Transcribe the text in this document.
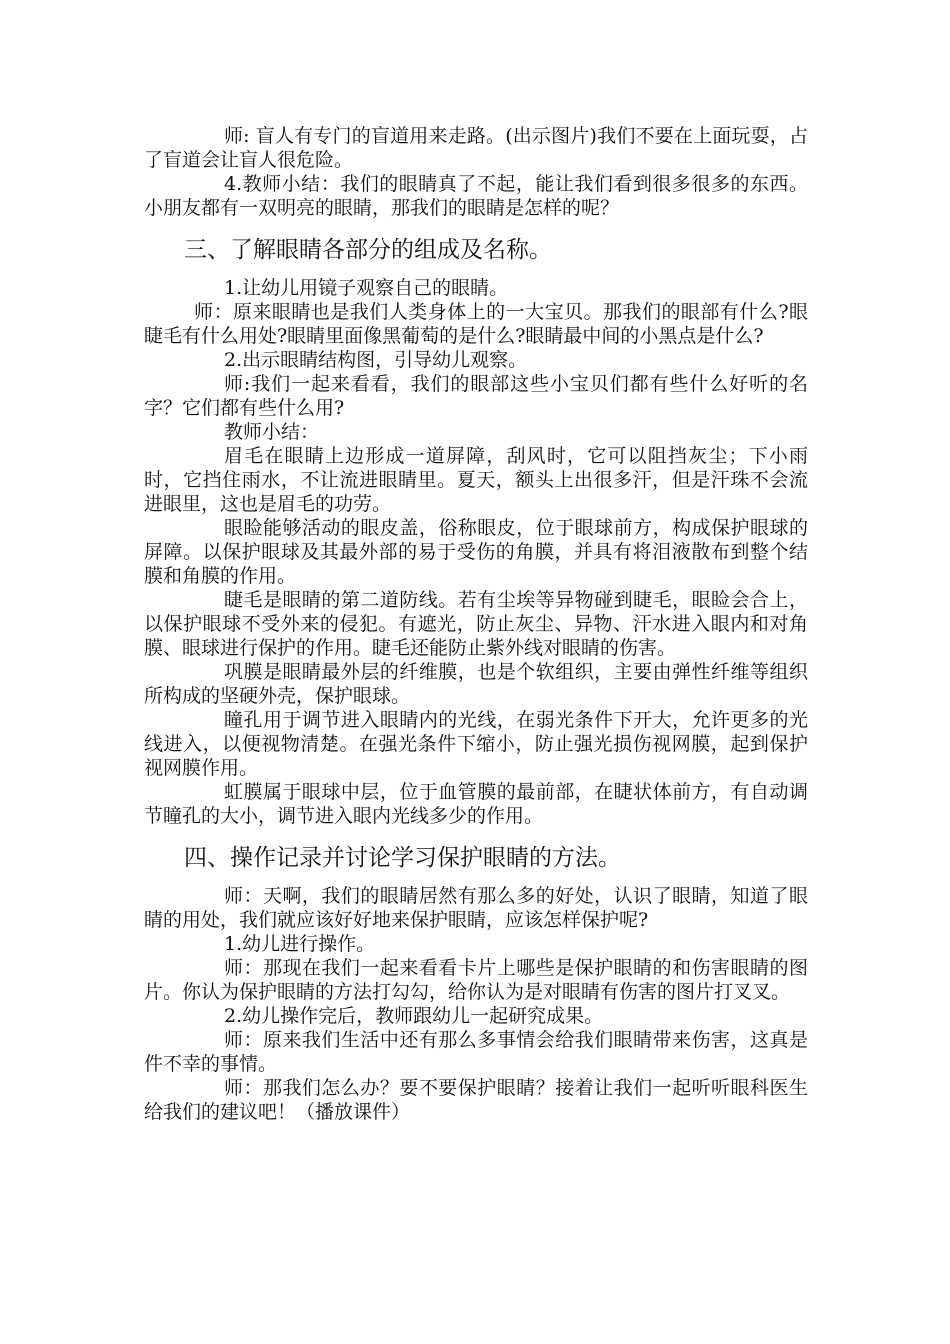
师: 盲人有专门的盲道用来走路。(出示图片)我们不要在上面玩耍，占了盲道会让盲人很危险。

4.教师小结：我们的眼睛真了不起，能让我们看到很多很多的东西。小朋友都有一双明亮的眼睛，那我们的眼睛是怎样的呢？

三、了解眼睛各部分的组成及名称。

1.让幼儿用镜子观察自己的眼睛。

师：原来眼睛也是我们人类身体上的一大宝贝。那我们的眼部有什么?眼睫毛有什么用处?眼睛里面像黑葡萄的是什么?眼睛最中间的小黑点是什么?

2.出示眼睛结构图，引导幼儿观察。

师:我们一起来看看，我们的眼部这些小宝贝们都有些什么好听的名字？它们都有些什么用?

教师小结：

眉毛在眼睛上边形成一道屏障，刮风时，它可以阻挡灰尘；下小雨时，它挡住雨水，不让流进眼睛里。夏天，额头上出很多汗，但是汗珠不会流进眼里，这也是眉毛的功劳。

眼睑能够活动的眼皮盖，俗称眼皮，位于眼球前方，构成保护眼球的屏障。以保护眼球及其最外部的易于受伤的角膜，并具有将泪液散布到整个结膜和角膜的作用。

睫毛是眼睛的第二道防线。若有尘埃等异物碰到睫毛，眼睑会合上，以保护眼球不受外来的侵犯。有遮光，防止灰尘、异物、汗水进入眼内和对角膜、眼球进行保护的作用。睫毛还能防止紫外线对眼睛的伤害。

巩膜是眼睛最外层的纤维膜，也是个软组织，主要由弹性纤维等组织所构成的坚硬外壳，保护眼球。

瞳孔用于调节进入眼睛内的光线，在弱光条件下开大，允许更多的光线进入，以便视物清楚。在强光条件下缩小，防止强光损伤视网膜，起到保护视网膜作用。

虹膜属于眼球中层，位于血管膜的最前部，在睫状体前方，有自动调节瞳孔的大小，调节进入眼内光线多少的作用。

四、操作记录并讨论学习保护眼睛的方法。

师：天啊，我们的眼睛居然有那么多的好处，认识了眼睛，知道了眼睛的用处，我们就应该好好地来保护眼睛，应该怎样保护呢?

1.幼儿进行操作。

师：那现在我们一起来看看卡片上哪些是保护眼睛的和伤害眼睛的图片。你认为保护眼睛的方法打勾勾，给你认为是对眼睛有伤害的图片打叉叉。

2.幼儿操作完后，教师跟幼儿一起研究成果。

师：原来我们生活中还有那么多事情会给我们眼睛带来伤害，这真是件不幸的事情。

师：那我们怎么办？要不要保护眼睛？接着让我们一起听听眼科医生给我们的建议吧！（播放课件）
